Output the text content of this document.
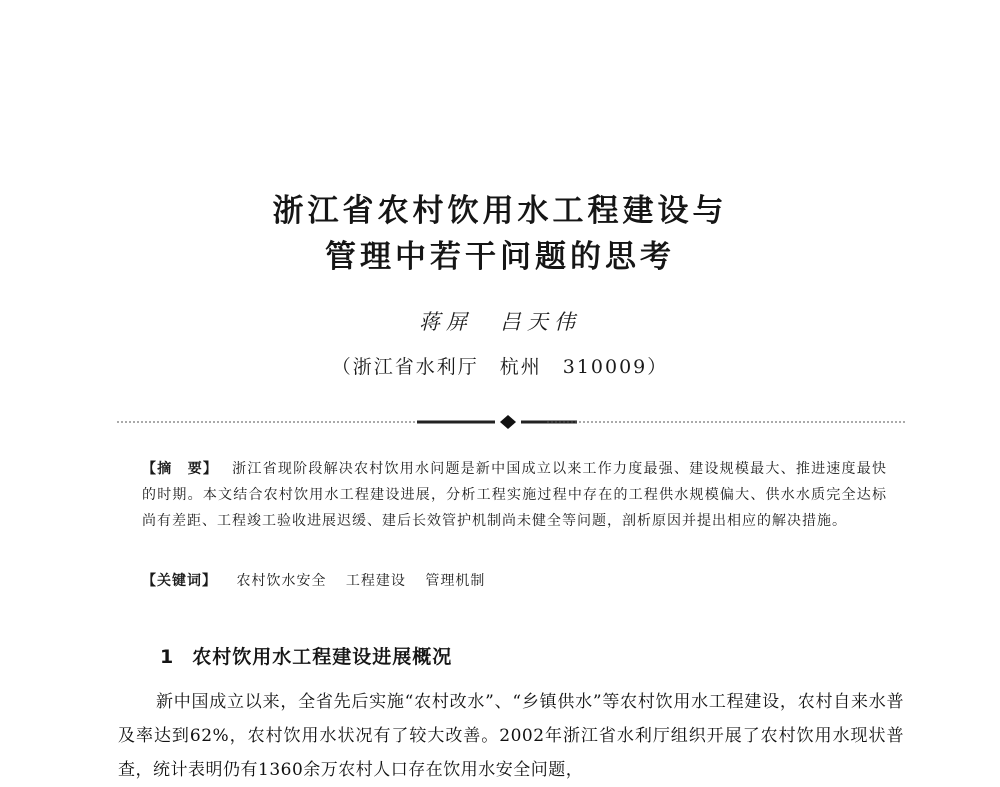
浙江省农村饮用水工程建设与
管理中若干问题的思考
蒋屏　吕天伟
（浙江省水利厅　杭州　310009）
【摘　要】 浙江省现阶段解决农村饮用水问题是新中国成立以来工作力度最强、建设规模最大、推进速度最快的时期。本文结合农村饮用水工程建设进展，分析工程实施过程中存在的工程供水规模偏大、供水水质完全达标尚有差距、工程竣工验收进展迟缓、建后长效管护机制尚未健全等问题，剖析原因并提出相应的解决措施。
【关键词】 农村饮水安全 工程建设 管理机制
1 农村饮用水工程建设进展概况
新中国成立以来，全省先后实施“农村改水”、“乡镇供水”等农村饮用水工程建设，农村自来水普及率达到62%，农村饮用水状况有了较大改善。2002年浙江省水利厅组织开展了农村饮用水现状普查，统计表明仍有1360余万农村人口存在饮用水安全问题，
